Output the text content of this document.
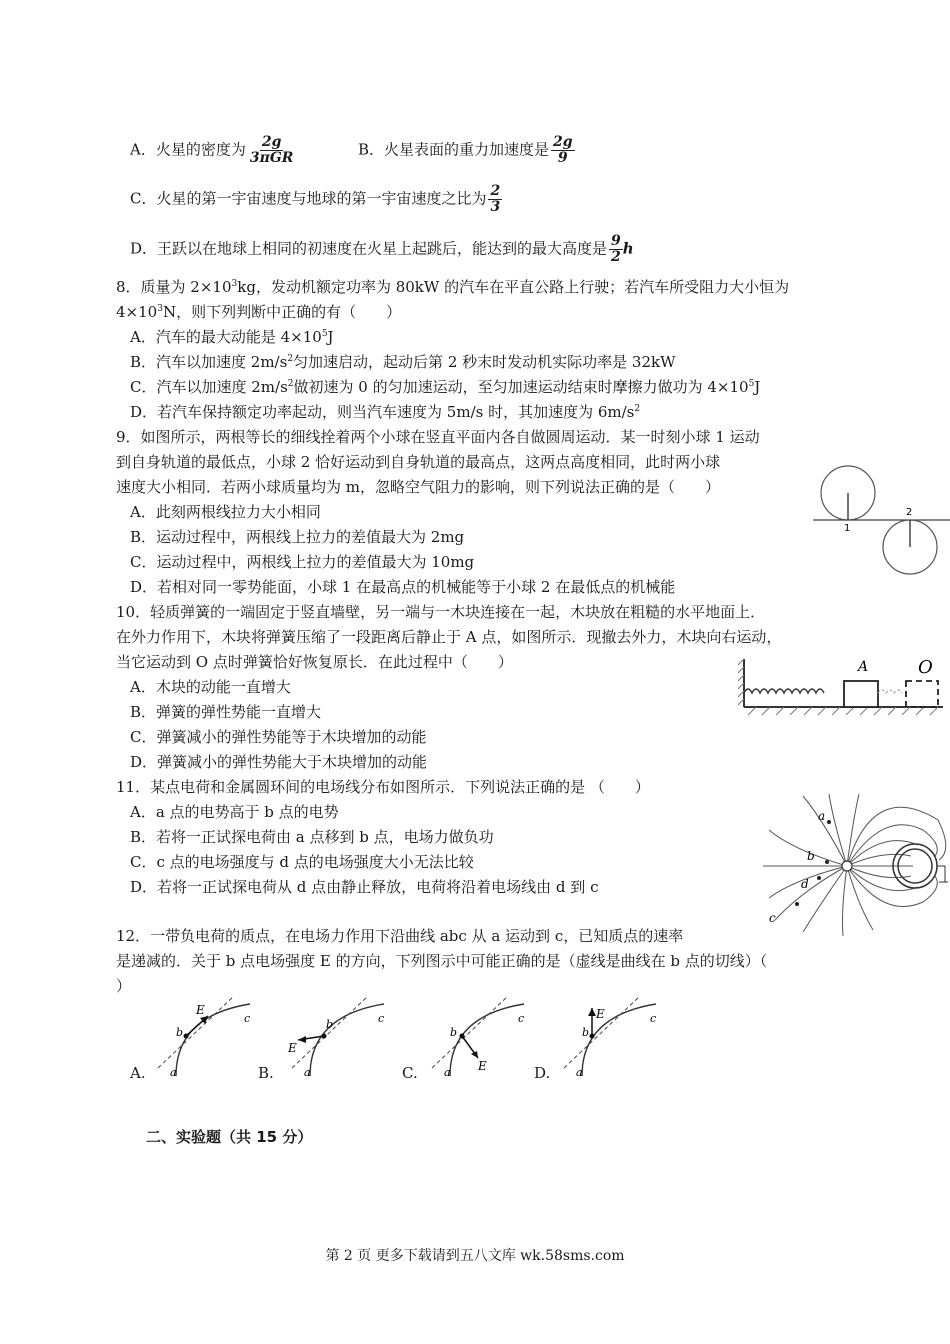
A．火星的密度为 $\frac{2g}{\text{3πGR}}$	B．火星表面的重力加速度是 $\frac{2g}{9}$
C．火星的第一宇宙速度与地球的第一宇宙速度之比为 $\frac{2}{3}$
D．王跃以在地球上相同的初速度在火星上起跳后，能达到的最大高度是 $\frac{9}{2}$ h
8．质量为 $2\times 10^3kg$，发动机额定功率为 80kW 的汽车在平直公路上行驶；若汽车所受阻力大小恒为
$4\times 10^3N$，则下列判断中正确的有（　　）
A．汽车的最大动能是 $4\times 10^5J$
B．汽车以加速度 $2m/s^2$匀加速启动，起动后第 2 秒末时发动机实际功率是 32kW
C．汽车以加速度 $2m/s^2$做初速为 0 的匀加速运动，至匀加速运动结束时摩擦力做功为 $4\times 10^5J$
D．若汽车保持额定功率起动，则当汽车速度为 5m/s 时，其加速度为 $6m/s^2$
9．如图所示，两根等长的细线拴着两个小球在竖直平面内各自做圆周运动．某一时刻小球 1 运动
到自身轨道的最低点，小球 2 恰好运动到自身轨道的最高点，这两点高度相同，此时两小球
速度大小相同．若两小球质量均为 m，忽略空气阻力的影响，则下列说法正确的是（　　）
A．此刻两根线拉力大小相同
B．运动过程中，两根线上拉力的差值最大为 2mg
C．运动过程中，两根线上拉力的差值最大为 10mg
D．若相对同一零势能面，小球 1 在最高点的机械能等于小球 2 在最低点的机械能
1
2
10．轻质弹簧的一端固定于竖直墙壁，另一端与一木块连接在一起，木块放在粗糙的水平地面上．
在外力作用下，木块将弹簧压缩了一段距离后静止于 A 点，如图所示．现撤去外力，木块向右运动，
当它运动到 O 点时弹簧恰好恢复原长．在此过程中（　　）
A．木块的动能一直增大
B．弹簧的弹性势能一直增大
C．弹簧减小的弹性势能等于木块增加的动能
D．弹簧减小的弹性势能大于木块增加的动能
A	O
11．某点电荷和金属圆环间的电场线分布如图所示．下列说法正确的是 （　　）
A．a 点的电势高于 b 点的电势
B．若将一正试探电荷由 a 点移到 b 点，电场力做负功
C．c 点的电场强度与 d 点的电场强度大小无法比较
D．若将一正试探电荷从 d 点由静止释放，电荷将沿着电场线由 d 到 c
a
b
c
d
12．一带负电荷的质点，在电场力作用下沿曲线 abc 从 a 运动到 c，已知质点的速率
是递减的．关于 b 点电场强度 E 的方向，下列图示中可能正确的是（虚线是曲线在 b 点的切线）（
）
E
b
c
a
E
b	c
a	E
b
c
a
E
b
c
a
A.	B.	C.	D.
二、实验题（共 15 分）
第 2 页 更多下载请到五八文库 wk.58sms.com
